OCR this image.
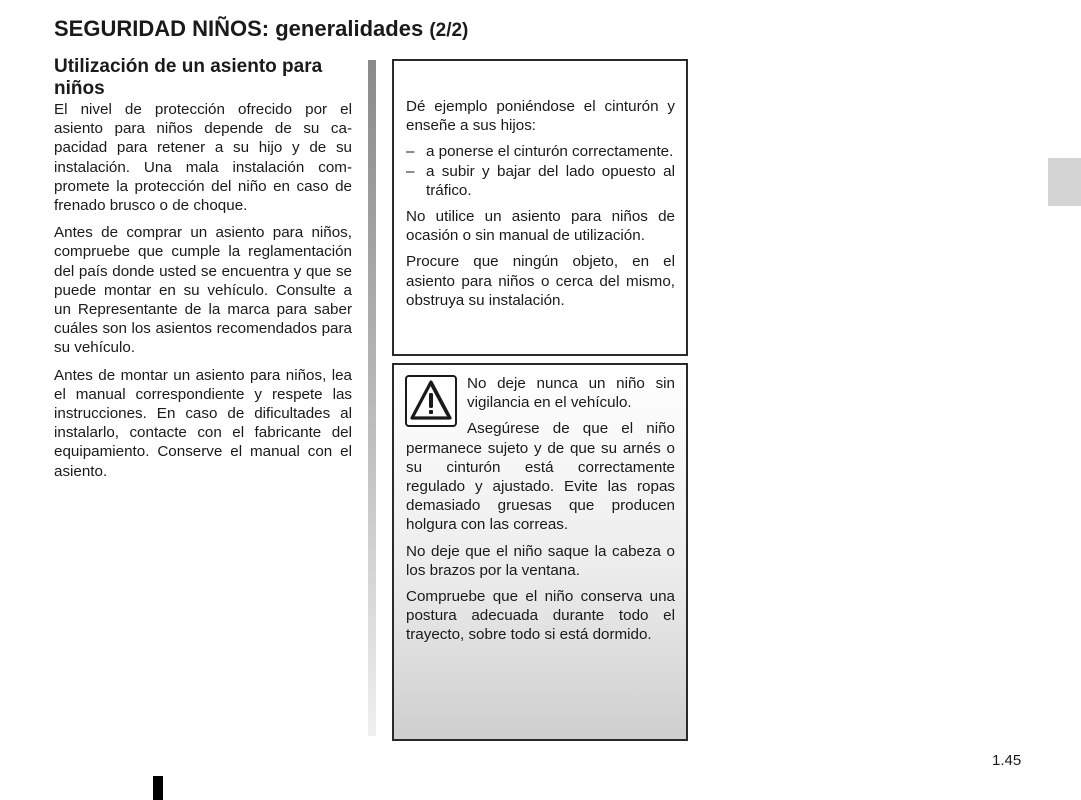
SEGURIDAD NIÑOS: generalidades (2/2)
Utilización de un asiento para niños

El nivel de protección ofrecido por el asiento para niños depende de su capacidad para retener a su hijo y de su instalación. Una mala instalación compromete la protección del niño en caso de frenado brusco o de choque.

Antes de comprar un asiento para niños, compruebe que cumple la reglamentación del país donde usted se encuentra y que se puede montar en su vehículo. Consulte a un Representante de la marca para saber cuáles son los asientos recomendados para su vehículo.

Antes de montar un asiento para niños, lea el manual correspondiente y respete las instrucciones. En caso de dificultades al instalarlo, contacte con el fabricante del equipamiento. Conserve el manual con el asiento.

Dé ejemplo poniéndose el cinturón y enseñe a sus hijos:

– a ponerse el cinturón correctamente.
– a subir y bajar del lado opuesto al tráfico.

No utilice un asiento para niños de ocasión o sin manual de utilización.

Procure que ningún objeto, en el asiento para niños o cerca del mismo, obstruya su instalación.

No deje nunca un niño sin vigilancia en el vehículo.

Asegúrese de que el niño permanece sujeto y de que su arnés o su cinturón está correctamente regulado y ajustado. Evite las ropas demasiado gruesas que producen holgura con las correas.

No deje que el niño saque la cabeza o los brazos por la ventana.

Compruebe que el niño conserva una postura adecuada durante todo el trayecto, sobre todo si está dormido.

1.45
